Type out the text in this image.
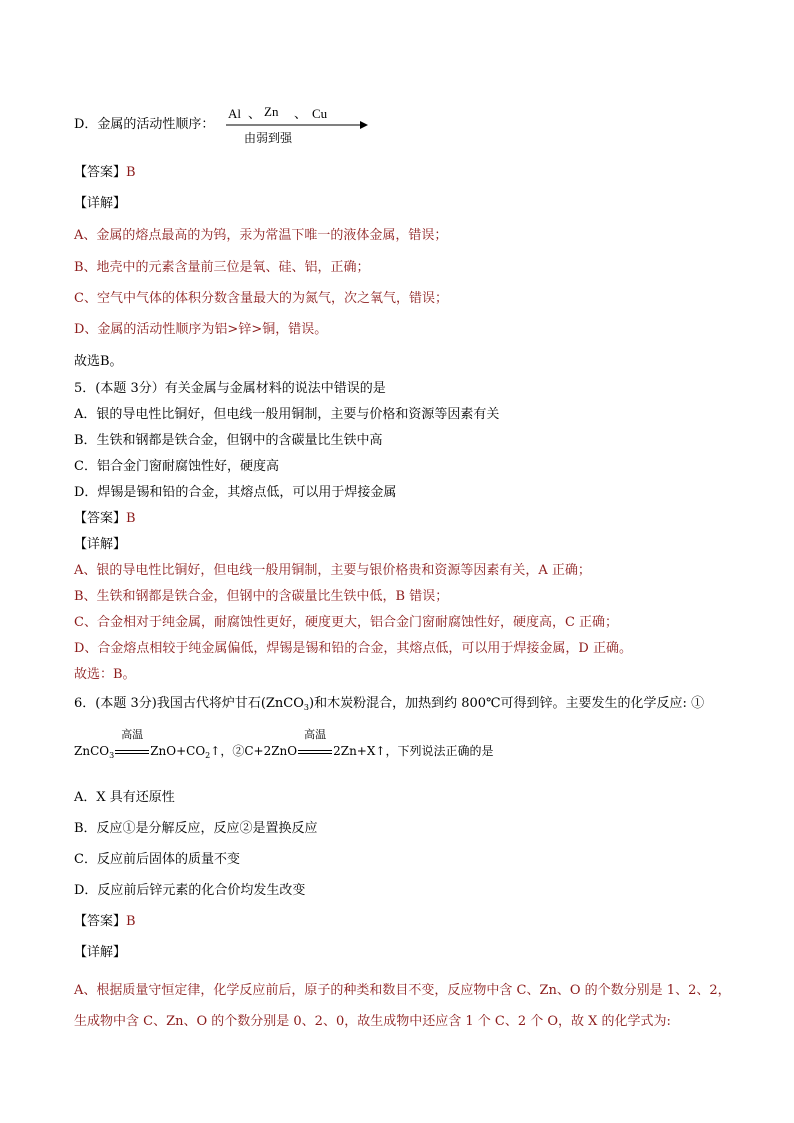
D．金属的活动性顺序：
Al 、 Zn 、 Cu
由弱到强
【答案】B
【详解】
A、金属的熔点最高的为钨，汞为常温下唯一的液体金属，错误；
B、地壳中的元素含量前三位是氧、硅、铝，正确；
C、空气中气体的体积分数含量最大的为氮气，次之氧气，错误；
D、金属的活动性顺序为铝>锌>铜，错误。
故选B。
5．(本题 3分）有关金属与金属材料的说法中错误的是
A．银的导电性比铜好，但电线一般用铜制，主要与价格和资源等因素有关
B．生铁和钢都是铁合金，但钢中的含碳量比生铁中高
C．铝合金门窗耐腐蚀性好，硬度高
D．焊锡是锡和铅的合金，其熔点低，可以用于焊接金属
【答案】B
【详解】
A、银的导电性比铜好，但电线一般用铜制，主要与银价格贵和资源等因素有关，A 正确；
B、生铁和钢都是铁合金，但钢中的含碳量比生铁中低，B 错误；
C、合金相对于纯金属，耐腐蚀性更好，硬度更大，铝合金门窗耐腐蚀性好，硬度高，C 正确；
D、合金熔点相较于纯金属偏低，焊锡是锡和铅的合金，其熔点低，可以用于焊接金属，D 正确。
故选：B。
6．(本题 3分)我国古代将炉甘石(ZnCO$_3$)和木炭粉混合，加热到约 800℃可得到锌。主要发生的化学反应: ①
ZnCO$_3$
高温
$ZnO+CO_2↑$，②C+2ZnO
高温
2Zn+X↑，下列说法正确的是
A．X 具有还原性
B．反应①是分解反应，反应②是置换反应
C．反应前后固体的质量不变
D．反应前后锌元素的化合价均发生改变
【答案】B
【详解】
A、根据质量守恒定律，化学反应前后，原子的种类和数目不变，反应物中含 C、Zn、O 的个数分别是 1、2、2，生成物中含 C、Zn、O 的个数分别是 0、2、0，故生成物中还应含 1 个 C、2 个 O，故 X 的化学式为:
